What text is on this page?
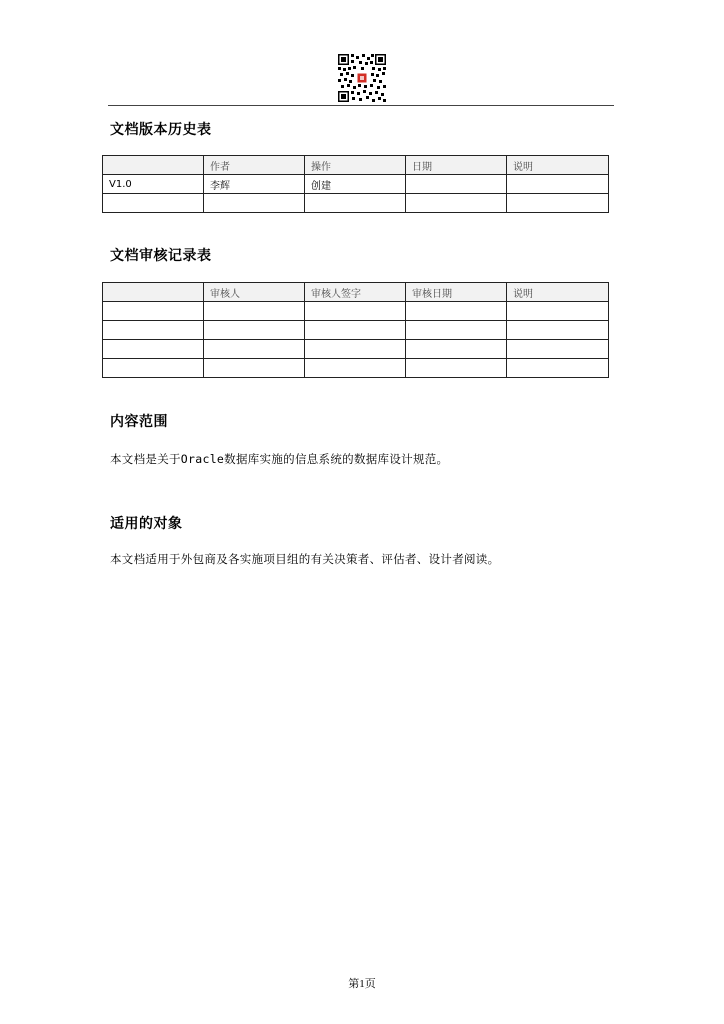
文档版本历史表
	作者	操作	日期	说明
V1.0	李辉	创建		

文档审核记录表
	审核人	审核人签字	审核日期	说明

内容范围
本文档是关于Oracle数据库实施的信息系统的数据库设计规范。
适用的对象
本文档适用于外包商及各实施项目组的有关决策者、评估者、设计者阅读。
第1页
